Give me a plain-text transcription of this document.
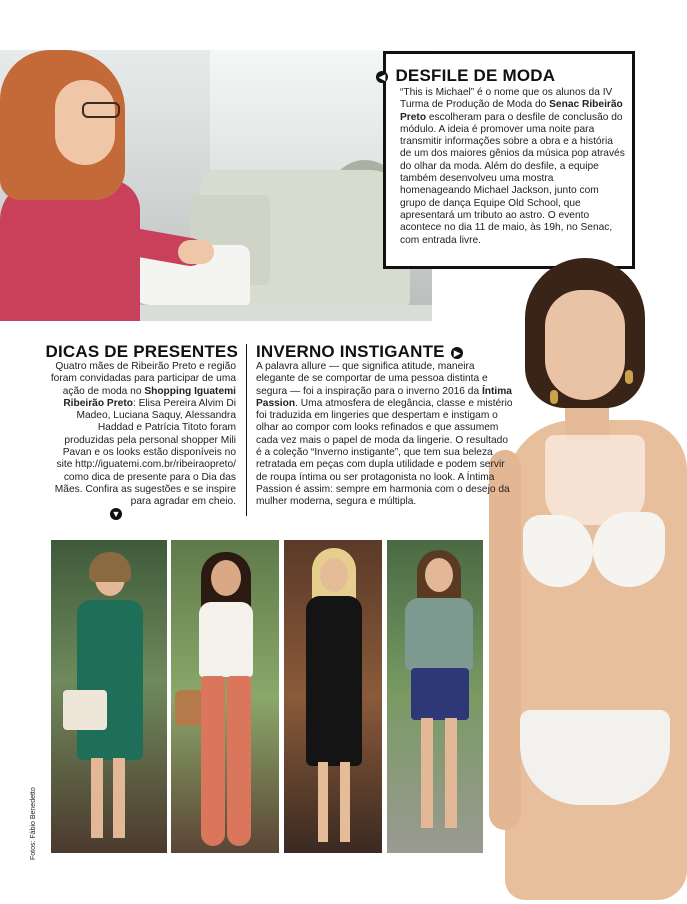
◀ DESFILE DE MODA
“This is Michael” é o nome que os alunos da IV Turma de Produção de Moda do Senac Ribeirão Preto escolheram para o desfile de conclusão do módulo. A ideia é promover uma noite para transmitir informações sobre a obra e a história de um dos maiores gênios da música pop através do olhar da moda. Além do desfile, a equipe também desenvolveu uma mostra homenageando Michael Jackson, junto com grupo de dança Equipe Old School, que apresentará um tributo ao astro. O evento acontece no dia 11 de maio, às 19h, no Senac, com entrada livre.
DICAS DE PRESENTES
Quatro mães de Ribeirão Preto e região foram convidadas para participar de uma ação de moda no Shopping Iguatemi Ribeirão Preto: Elisa Pereira Alvim Di Madeo, Luciana Saquy, Alessandra Haddad e Patrícia Titoto foram produzidas pela personal shopper Mili Pavan e os looks estão disponíveis no site http://iguatemi.com.br/ribeiraopreto/ como dica de presente para o Dia das Mães. Confira as sugestões e se inspire para agradar em cheio.
▼
INVERNO INSTIGANTE ▶
A palavra allure — que significa atitude, maneira elegante de se comportar de uma pessoa distinta e segura — foi a inspiração para o inverno 2016 da Íntima Passion. Uma atmosfera de elegância, classe e mistério foi traduzida em lingeries que despertam e instigam o olhar ao compor com looks refinados e que assumem cada vez mais o papel de moda da lingerie. O resultado é a coleção “Inverno instigante”, que tem sua beleza retratada em peças com dupla utilidade e podem servir de roupa íntima ou ser protagonista no look. A Íntima Passion é assim: sempre em harmonia com o desejo da mulher moderna, segura e múltipla.
Fotos: Fábio Benedetto
